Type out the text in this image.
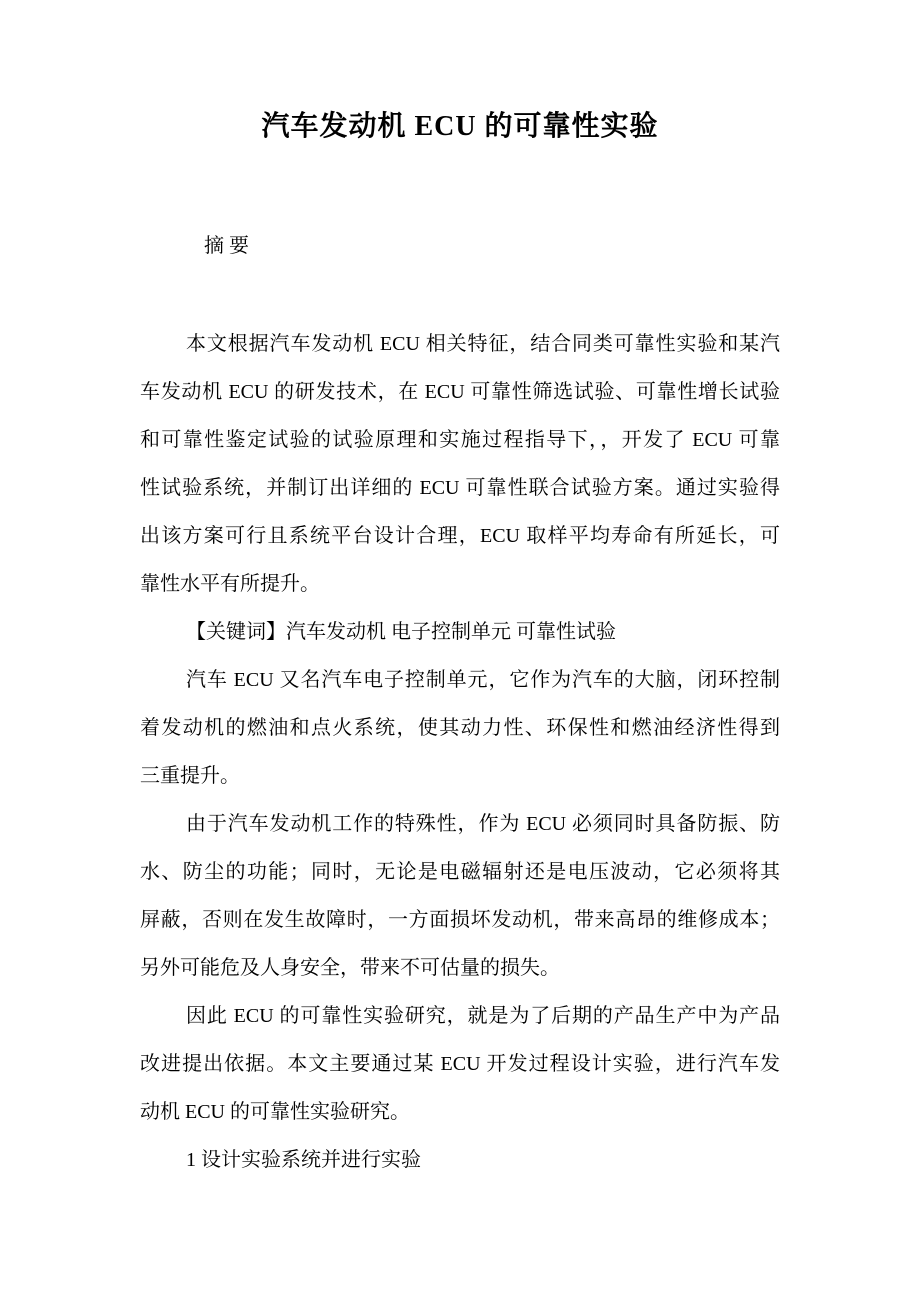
汽车发动机 ECU 的可靠性实验
摘 要
本文根据汽车发动机 ECU 相关特征，结合同类可靠性实验和某汽
车发动机 ECU 的研发技术，在 ECU 可靠性筛选试验、可靠性增长试验
和可靠性鉴定试验的试验原理和实施过程指导下，，开发了 ECU 可靠
性试验系统，并制订出详细的 ECU 可靠性联合试验方案。通过实验得
出该方案可行且系统平台设计合理，ECU 取样平均寿命有所延长，可
靠性水平有所提升。
【关键词】汽车发动机 电子控制单元 可靠性试验
汽车 ECU 又名汽车电子控制单元，它作为汽车的大脑，闭环控制
着发动机的燃油和点火系统，使其动力性、环保性和燃油经济性得到
三重提升。
由于汽车发动机工作的特殊性，作为 ECU 必须同时具备防振、防
水、防尘的功能；同时，无论是电磁辐射还是电压波动，它必须将其
屏蔽，否则在发生故障时，一方面损坏发动机，带来高昂的维修成本；
另外可能危及人身安全，带来不可估量的损失。
因此 ECU 的可靠性实验研究，就是为了后期的产品生产中为产品
改进提出依据。本文主要通过某 ECU 开发过程设计实验，进行汽车发
动机 ECU 的可靠性实验研究。
1 设计实验系统并进行实验
